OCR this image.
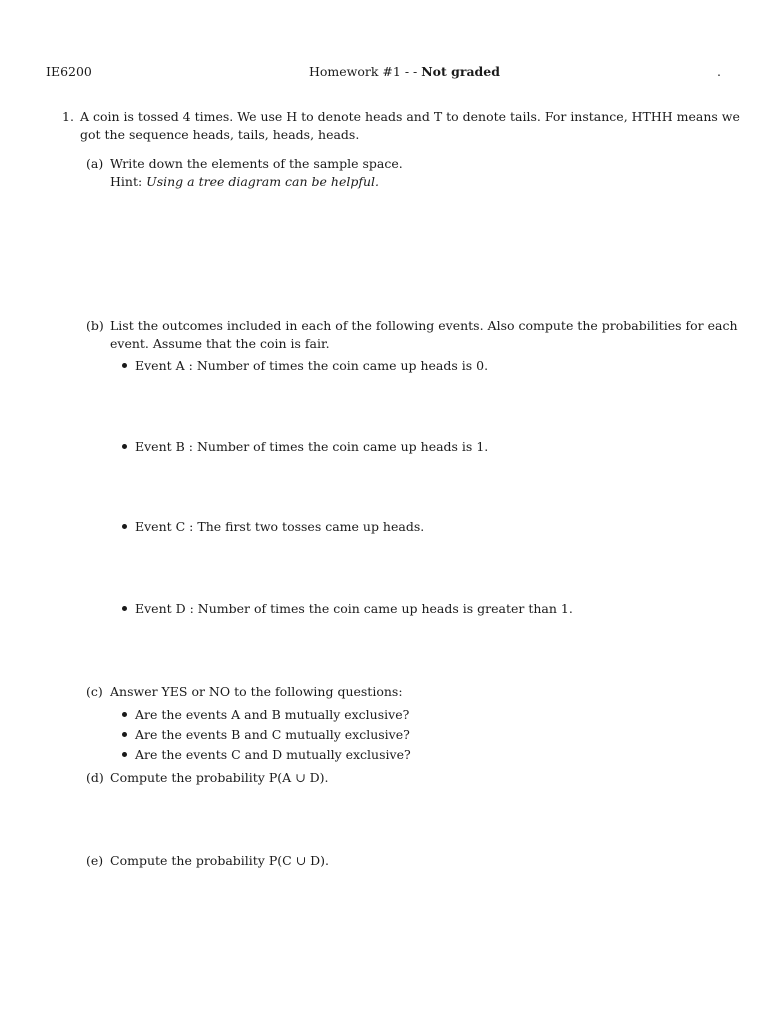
IE6200	Homework #1 - - Not graded	.
1. A coin is tossed 4 times. We use H to denote heads and T to denote tails. For instance, HTHH means we
got the sequence heads, tails, heads, heads.
(a) Write down the elements of the sample space.
Hint: Using a tree diagram can be helpful.
(b) List the outcomes included in each of the following events. Also compute the probabilities for each
event. Assume that the coin is fair.
Event A : Number of times the coin came up heads is 0.
Event B : Number of times the coin came up heads is 1.
Event C : The first two tosses came up heads.
Event D : Number of times the coin came up heads is greater than 1.
(c) Answer YES or NO to the following questions:
Are the events A and B mutually exclusive?
Are the events B and C mutually exclusive?
Are the events C and D mutually exclusive?
(d) Compute the probability P(A ∪ D).
(e) Compute the probability P(C ∪ D).
